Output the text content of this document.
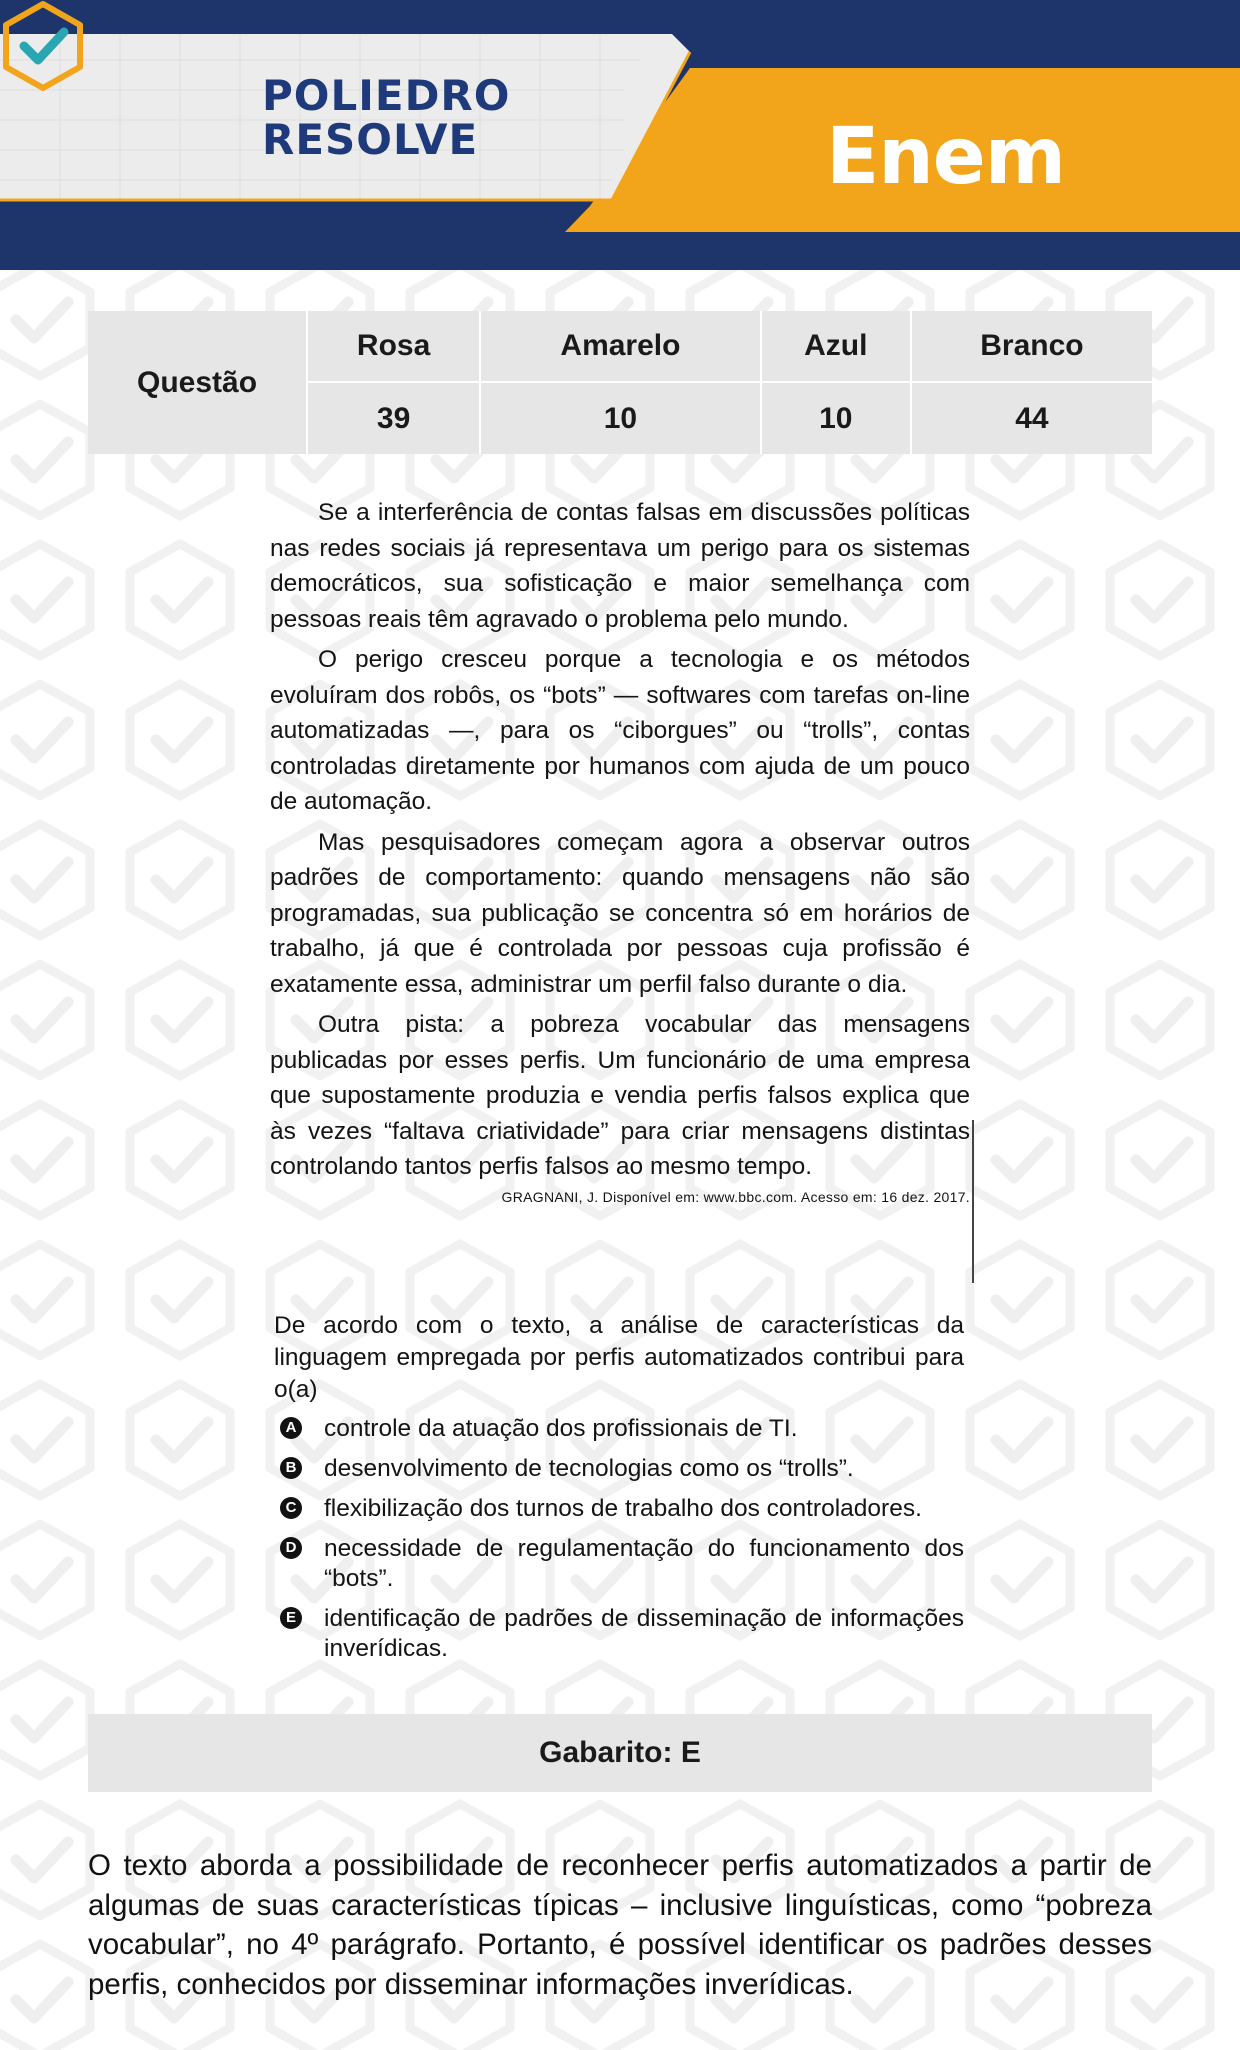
POLIEDRO
RESOLVE	Enem
Questão	Rosa	Amarelo	Azul	Branco
	39	10	10	44

Se a interferência de contas falsas em discussões políticas nas redes sociais já representava um perigo para os sistemas democráticos, sua sofisticação e maior semelhança com pessoas reais têm agravado o problema pelo mundo.

O perigo cresceu porque a tecnologia e os métodos evoluíram dos robôs, os “bots” — softwares com tarefas on-line automatizadas —, para os “ciborgues” ou “trolls”, contas controladas diretamente por humanos com ajuda de um pouco de automação.

Mas pesquisadores começam agora a observar outros padrões de comportamento: quando mensagens não são programadas, sua publicação se concentra só em horários de trabalho, já que é controlada por pessoas cuja profissão é exatamente essa, administrar um perfil falso durante o dia.

Outra pista: a pobreza vocabular das mensagens publicadas por esses perfis. Um funcionário de uma empresa que supostamente produzia e vendia perfis falsos explica que às vezes “faltava criatividade” para criar mensagens distintas controlando tantos perfis falsos ao mesmo tempo.

GRAGNANI, J. Disponível em: www.bbc.com. Acesso em: 16 dez. 2017.

De acordo com o texto, a análise de características da linguagem empregada por perfis automatizados contribui para o(a)
A controle da atuação dos profissionais de TI.
B desenvolvimento de tecnologias como os “trolls”.
C flexibilização dos turnos de trabalho dos controladores.
D necessidade de regulamentação do funcionamento dos “bots”.
E identificação de padrões de disseminação de informações inverídicas.
Gabarito: E

O texto aborda a possibilidade de reconhecer perfis automatizados a partir de algumas de suas características típicas – inclusive linguísticas, como “pobreza vocabular”, no 4º parágrafo. Portanto, é possível identificar os padrões desses perfis, conhecidos por disseminar informações inverídicas.
